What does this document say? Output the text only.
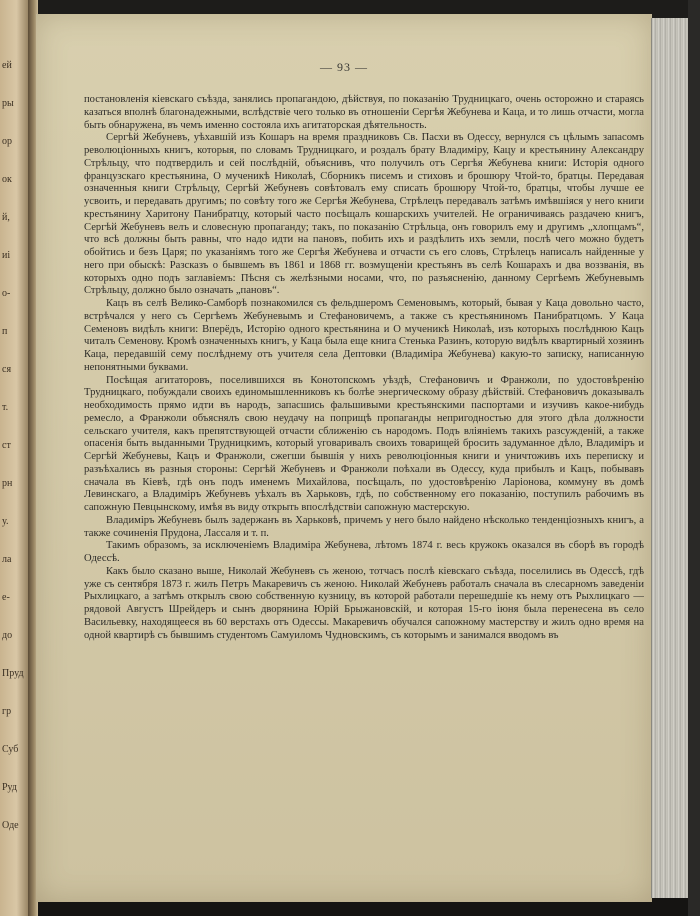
ей
ры
ор
ок
й,
иі
о-
п
ся
т.
ст
рн
у.
ла
е-
до
Пруд
гр
Суб
Руд
Оде
— 93 —

постановленія кіевскаго съѣзда, занялись пропагандою, дѣйствуя, по показанію Трудницкаго, очень осторожно и стараясь казаться вполнѣ благонадежными, вслѣдствіе чего только въ отношеніи Сергѣя Жебунева и Каца, и то лишь отчасти, могла быть обнаружена, въ чемъ именно состояла ихъ агитаторская дѣятельность.

Сергѣй Жебуневъ, уѣхавшій изъ Кошаръ на время праздниковъ Св. Пасхи въ Одессу, вернулся съ цѣлымъ запасомъ революціонныхъ книгъ, которыя, по словамъ Трудницкаго, и роздалъ брату Владиміру, Кацу и крестьянину Александру Стрѣльцу, что подтвердилъ и сей послѣдній, объяснивъ, что получилъ отъ Сергѣя Жебунева книги: Исторія одного французскаго крестьянина, О мученикѣ Николаѣ, Сборникъ писемъ и стиховъ и брошюру Чтой-то, братцы. Передавая означенныя книги Стрѣльцу, Сергѣй Жебуневъ совѣтовалъ ему списать брошюру Чтой-то, братцы, чтобы лучше ее усвоить, и передавать другимъ; по совѣту того же Сергѣя Жебунева, Стрѣлецъ передавалъ затѣмъ имѣвшіяся у него книги крестьянину Харитону Панибратцу, который часто посѣщалъ кошарскихъ учителей. Не ограничиваясь раздачею книгъ, Сергѣй Жебуневъ велъ и словесную пропаганду; такъ, по показанію Стрѣльца, онъ говорилъ ему и другимъ „хлопцамъ“, что всѣ должны быть равны, что надо идти на пановъ, побить ихъ и раздѣлить ихъ земли, послѣ чего можно будетъ обойтись и безъ Царя; по указаніямъ того же Сергѣя Жебунева и отчасти съ его словъ, Стрѣлецъ написалъ найденные у него при обыскѣ: Разсказъ о бывшемъ въ 1861 и 1868 гг. возмущеніи крестьянъ въ селѣ Кошарахъ и два воззванія, въ которыхъ одно подъ заглавіемъ: Пѣсня съ желѣзными носами, что, по разъясненію, данному Сергѣемъ Жебуневымъ Стрѣльцу, должно было означать „пановъ“.

Кацъ въ селѣ Велико-Самборѣ познакомился съ фельдшеромъ Семеновымъ, который, бывая у Каца довольно часто, встрѣчался у него съ Сергѣемъ Жебуневымъ и Стефановичемъ, а также съ крестьяниномъ Панибратцомъ. У Каца Семеновъ видѣлъ книги: Вперёдъ, Исторію одного крестьянина и О мученикѣ Николаѣ, изъ которыхъ послѣднюю Кацъ читалъ Семенову. Кромѣ означенныхъ книгъ, у Каца была еще книга Стенька Разинъ, которую видѣлъ квартирный хозяинъ Каца, передавшій сему послѣднему отъ учителя села Дептовки (Владиміра Жебунева) какую-то записку, написанную непонятными буквами.

Посѣщая агитаторовъ, поселившихся въ Конотопскомъ уѣздѣ, Стефановичъ и Франжоли, по удостовѣренію Трудницкаго, побуждали своихъ единомышленниковъ къ болѣе энергическому образу дѣйствій. Стефановичъ доказывалъ необходимость прямо идти въ народъ, запасшись фальшивыми крестьянскими паспортами и изучивъ какое-нибудь ремесло, а Франжоли объяснялъ свою неудачу на поприщѣ пропаганды непригодностью для этого дѣла должности сельскаго учителя, какъ препятствующей отчасти сближенію съ народомъ. Подъ вліяніемъ такихъ разсужденій, а также опасенія быть выданными Трудницкимъ, который уговаривалъ своихъ товарищей бросить задуманное дѣло, Владиміръ и Сергѣй Жебуневы, Кацъ и Франжоли, сжегши бывшія у нихъ революціонныя книги и уничтоживъ ихъ переписку и разъѣхались въ разныя стороны: Сергѣй Жебуневъ и Франжоли поѣхали въ Одессу, куда прибылъ и Кацъ, побывавъ сначала въ Кіевѣ, гдѣ онъ подъ именемъ Михайлова, посѣщалъ, по удостовѣренію Ларіонова, коммуну въ домѣ Левинскаго, а Владиміръ Жебуневъ уѣхалъ въ Харьковъ, гдѣ, по собственному его показанію, поступилъ рабочимъ въ сапожную Певцынскому, имѣя въ виду открыть впослѣдствіи сапожную мастерскую.

Владиміръ Жебуневъ былъ задержанъ въ Харьковѣ, причемъ у него было найдено нѣсколько тенденціозныхъ книгъ, а также сочиненія Прудона, Лассаля и т. п.

Такимъ образомъ, за исключеніемъ Владиміра Жебунева, лѣтомъ 1874 г. весь кружокъ оказался въ сборѣ въ городѣ Одессѣ.

Какъ было сказано выше, Николай Жебуневъ съ женою, тотчасъ послѣ кіевскаго съѣзда, поселились въ Одессѣ, гдѣ уже съ сентября 1873 г. жилъ Петръ Макаревичъ съ женою. Николай Жебуневъ работалъ сначала въ слесарномъ заведеніи Рыхлицкаго, а затѣмъ открылъ свою собственную кузницу, въ которой работали перешедшіе къ нему отъ Рыхлицкаго — рядовой Августъ Шрейдеръ и сынъ дворянина Юрій Брыжановскій, и которая 15-го іюня была перенесена въ село Васильевку, находящееся въ 60 верстахъ отъ Одессы. Макаревичъ обучался сапожному мастерству и жилъ одно время на одной квартирѣ съ бывшимъ студентомъ Самуиломъ Чудновскимъ, съ которымъ и занимался вводомъ въ
